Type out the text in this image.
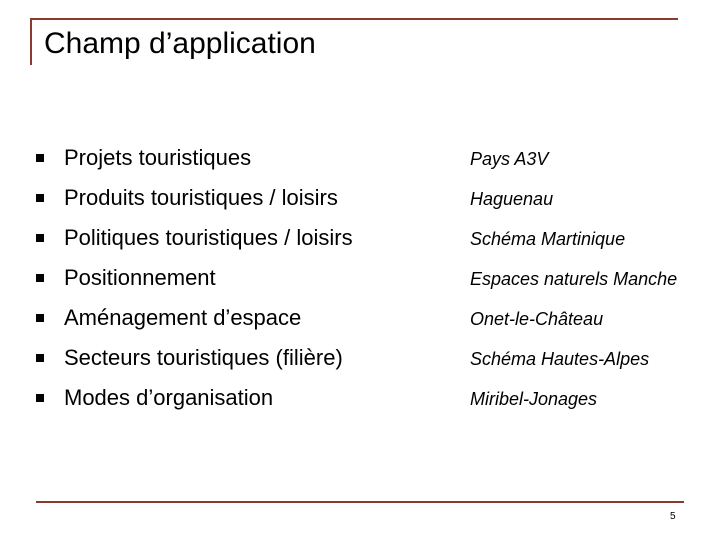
Champ d’application
Projets touristiques
Produits touristiques / loisirs
Politiques touristiques / loisirs
Positionnement
Aménagement d’espace
Secteurs touristiques (filière)
Modes d’organisation
Pays A3V
Haguenau
Schéma Martinique
Espaces naturels Manche
Onet-le-Château
Schéma Hautes-Alpes
Miribel-Jonages
5
